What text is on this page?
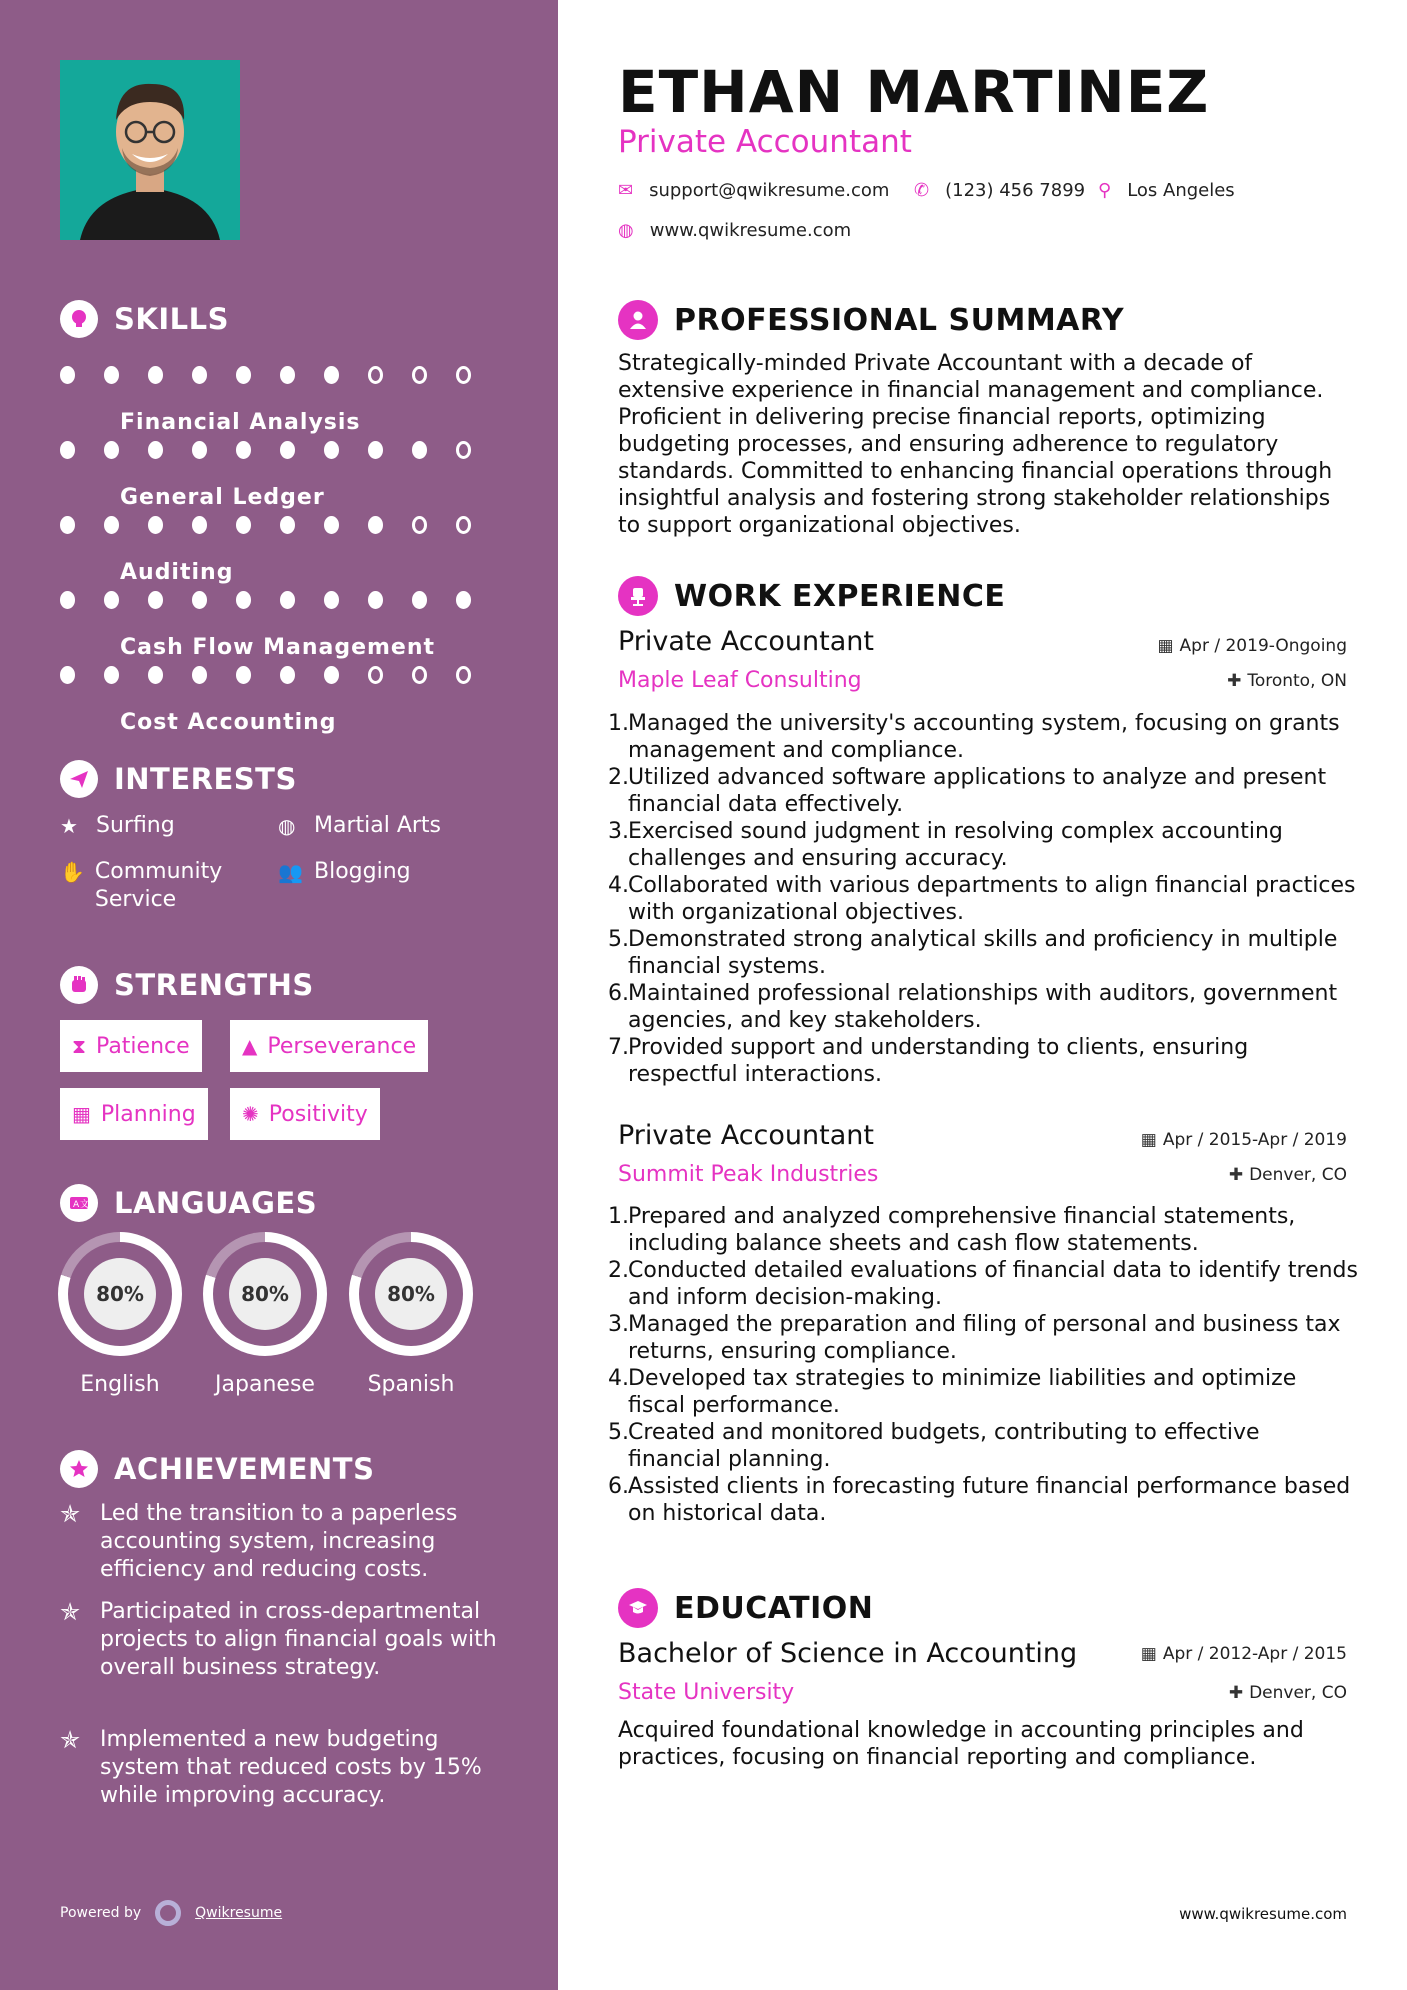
SKILLS
Financial Analysis
General Ledger
Auditing
Cash Flow Management
Cost Accounting
INTERESTS
★ Surfing	◍ Martial Arts
✋ Community Service
👥 Blogging
STRENGTHS
⧗ Patience	▲ Perseverance
▦ Planning ✺ Positivity
A 文 LANGUAGES
80%
English
80%
Japanese
80%
Spanish
ACHIEVEMENTS
✯ Led the transition to a paperless accounting system, increasing efficiency and reducing costs.
✯ Participated in cross-departmental projects to align financial goals with overall business strategy.
✯ Implemented a new budgeting system that reduced costs by 15% while improving accuracy.
Powered by	Qwikresume
ETHAN MARTINEZ
Private Accountant
✉ support@qwikresume.com ✆ (123) 456 7899 ⚲ Los Angeles
◍ www.qwikresume.com
PROFESSIONAL SUMMARY
Strategically-minded Private Accountant with a decade of extensive experience in financial management and compliance. Proficient in delivering precise financial reports, optimizing budgeting processes, and ensuring adherence to regulatory standards. Committed to enhancing financial operations through insightful analysis and fostering strong stakeholder relationships to support organizational objectives.
WORK EXPERIENCE
Private Accountant	▦ Apr / 2019-Ongoing
Maple Leaf Consulting	✚ Toronto, ON
1. Managed the university's accounting system, focusing on grants management and compliance.
2. Utilized advanced software applications to analyze and present financial data effectively.
3. Exercised sound judgment in resolving complex accounting challenges and ensuring accuracy.
4. Collaborated with various departments to align financial practices with organizational objectives.
5. Demonstrated strong analytical skills and proficiency in multiple financial systems.
6. Maintained professional relationships with auditors, government agencies, and key stakeholders.
7. Provided support and understanding to clients, ensuring respectful interactions.
Private Accountant	▦ Apr / 2015-Apr / 2019
Summit Peak Industries	✚ Denver, CO
1. Prepared and analyzed comprehensive financial statements, including balance sheets and cash flow statements.
2. Conducted detailed evaluations of financial data to identify trends and inform decision-making.
3. Managed the preparation and filing of personal and business tax returns, ensuring compliance.
4. Developed tax strategies to minimize liabilities and optimize fiscal performance.
5. Created and monitored budgets, contributing to effective financial planning.
6. Assisted clients in forecasting future financial performance based on historical data.
EDUCATION
Bachelor of Science in Accounting	▦ Apr / 2012-Apr / 2015
State University	✚ Denver, CO
Acquired foundational knowledge in accounting principles and practices, focusing on financial reporting and compliance.
www.qwikresume.com
